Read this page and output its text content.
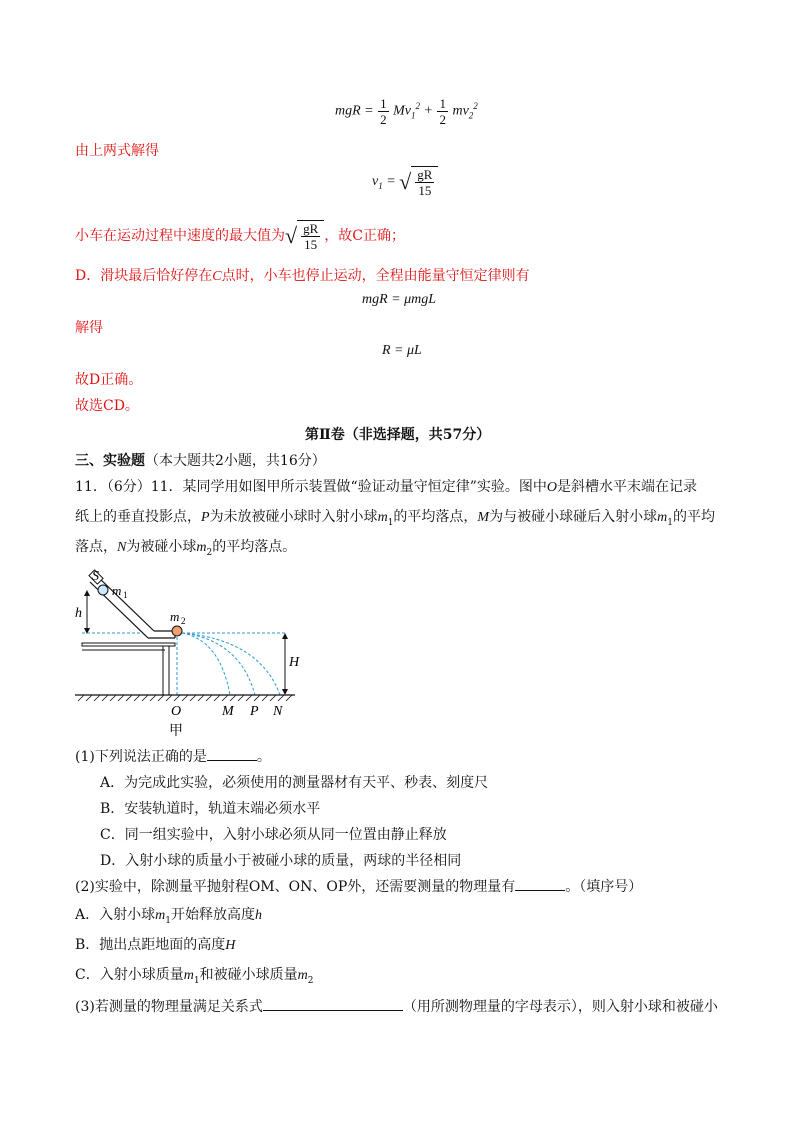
mgR = $\frac{1}{2} Mv_1^2 + \frac{1}{2} mv_2^2$
由上两式解得
$v_1$ = √ $\frac{gR}{15}$
小车在运动过程中速度的最大值为 √ $\frac{gR}{15}$ ，故C正确；
D．滑块最后恰好停在C点时，小车也停止运动，全程由能量守恒定律则有
mgR = μmgL
解得
R = μL
故D正确。
故选CD。
第Ⅱ卷（非选择题，共57分）
三、实验题（本大题共2小题，共16分）
11．（6分）11．某同学用如图甲所示装置做“验证动量守恒定律”实验。图中O是斜槽水平末端在记录
纸上的垂直投影点，P为未放被碰小球时入射小球$m_1$的平均落点，M为与被碰小球碰后入射小球$m_1$的平均
落点，N为被碰小球$m_2$的平均落点。
S
m 1
m 2
h
H
O	M P N
甲
(1)下列说法正确的是	。
A．为完成此实验，必须使用的测量器材有天平、秒表、刻度尺
B．安装轨道时，轨道末端必须水平
C．同一组实验中，入射小球必须从同一位置由静止释放
D．入射小球的质量小于被碰小球的质量，两球的半径相同
(2)实验中，除测量平抛射程OM、ON、OP外，还需要测量的物理量有	。（填序号）
A．入射小球$m_1$开始释放高度h
B．抛出点距地面的高度H
C．入射小球质量$m_1$和被碰小球质量$m_2$
(3)若测量的物理量满足关系式	（用所测物理量的字母表示），则入射小球和被碰小
